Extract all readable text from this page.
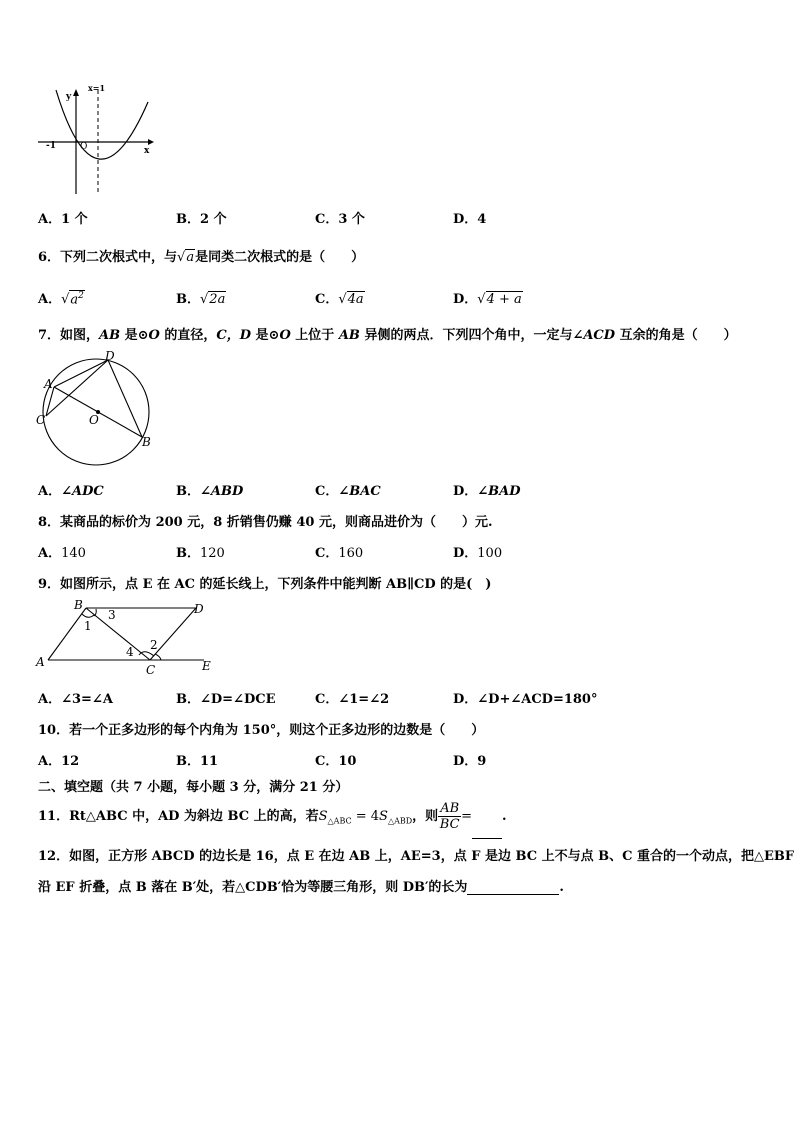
x=1
y
x
-1	O
A．1 个	B．2 个	C．3 个	D．4
6．下列二次根式中，与√a是同类二次根式的是（　　）
A．$√a^2$	B．√2a	C．√4a	D．√4 + a
7．如图，AB 是⊙O 的直径，C，D 是⊙O 上位于 AB 异侧的两点．下列四个角中，一定与∠ACD 互余的角是（　　）
D
A
C	O
B
A．∠ADC	B．∠ABD	C．∠BAC	D．∠BAD
8．某商品的标价为 200 元，8 折销售仍赚 40 元，则商品进价为（　　）元.
A．140	B．120	C．160	D．100
9．如图所示，点 E 在 AC 的延长线上，下列条件中能判断 AB∥CD 的是(　)
B	D
A
C	E
1
3
4 2
A．∠3=∠A	B．∠D=∠DCE	C．∠1=∠2	D．∠D+∠ACD=180°
10．若一个正多边形的每个内角为 150°，则这个正多边形的边数是（　　）
A．12	B．11	C．10	D．9
二、填空题（共 7 小题，每小题 3 分，满分 21 分）
11．Rt△ABC 中，AD 为斜边 BC 上的高，若$S_{\triangle ABC} = 4S_{\triangle ABD}$，则 $\frac{AB}{BC}$ = .
12．如图，正方形 ABCD 的边长是 16，点 E 在边 AB 上，AE=3，点 F 是边 BC 上不与点 B、C 重合的一个动点，把△EBF
沿 EF 折叠，点 B 落在 B′处，若△CDB′恰为等腰三角形，则 DB′的长为	.
